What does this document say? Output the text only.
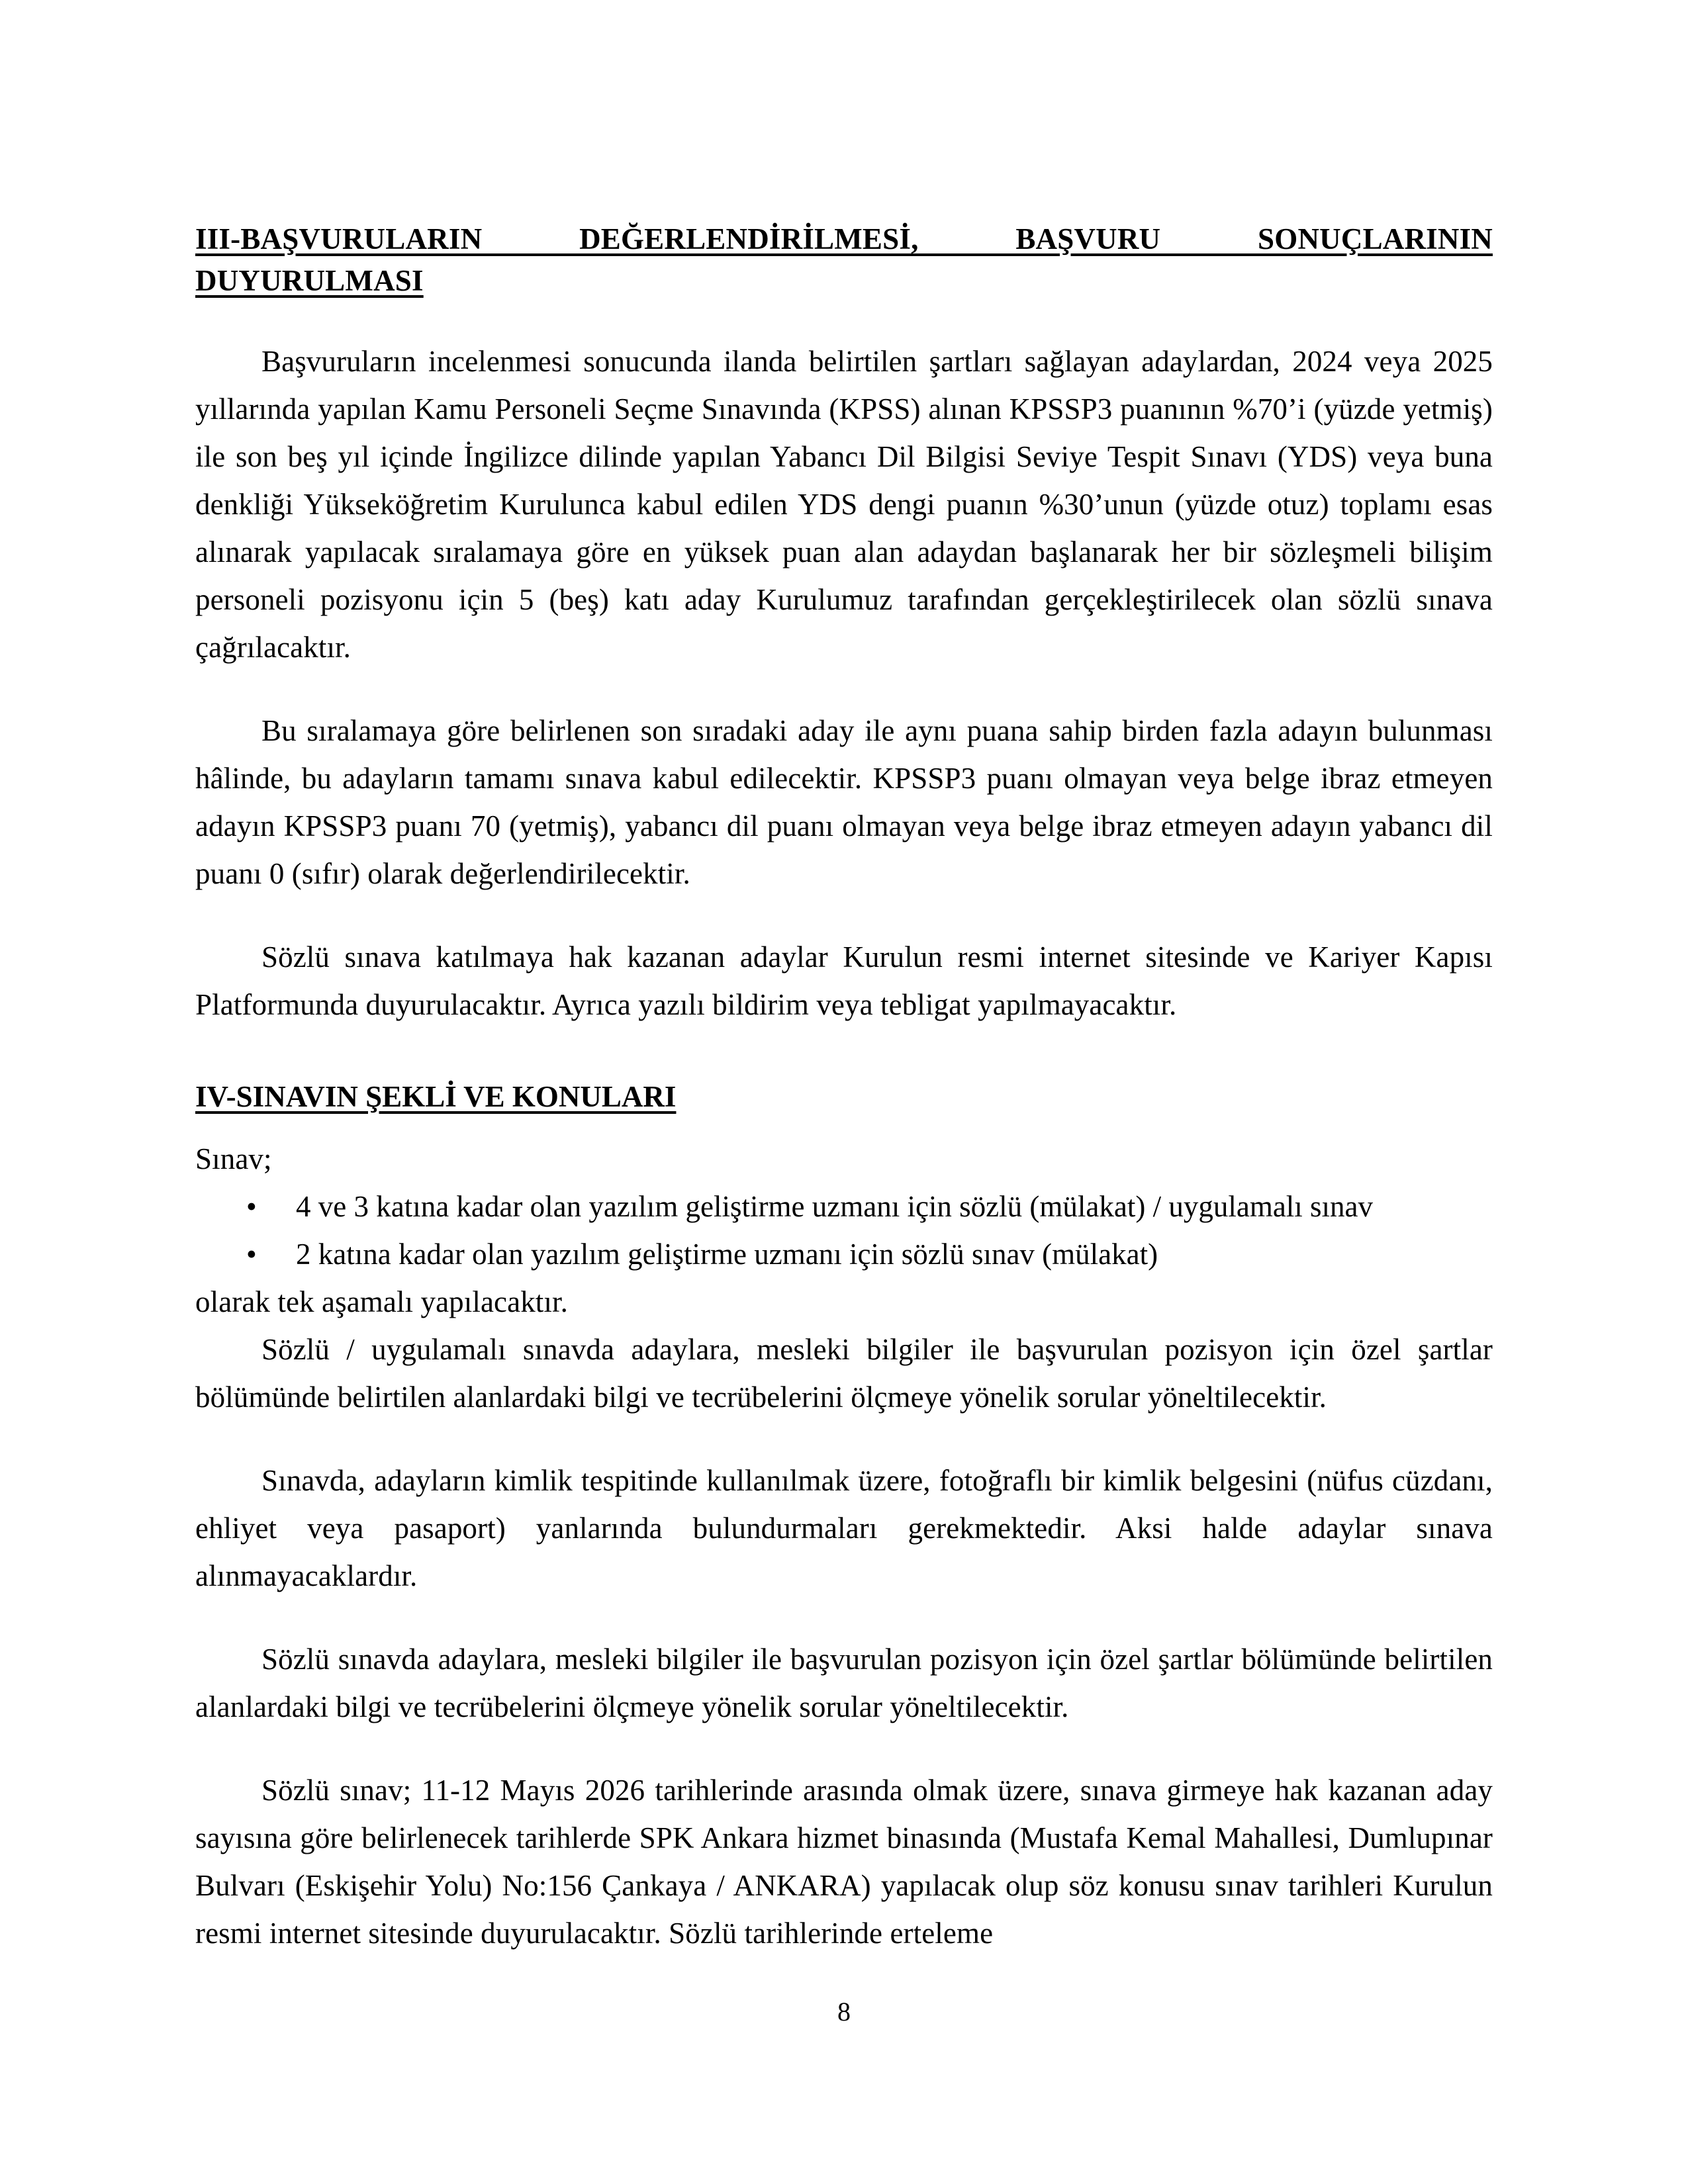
III-BAŞVURULARIN DEĞERLENDİRİLMESİ, BAŞVURU SONUÇLARININ
DUYURULMASI

Başvuruların incelenmesi sonucunda ilanda belirtilen şartları sağlayan adaylardan, 2024 veya 2025 yıllarında yapılan Kamu Personeli Seçme Sınavında (KPSS) alınan KPSSP3 puanının %70’i (yüzde yetmiş) ile son beş yıl içinde İngilizce dilinde yapılan Yabancı Dil Bilgisi Seviye Tespit Sınavı (YDS) veya buna denkliği Yükseköğretim Kurulunca kabul edilen YDS dengi puanın %30’unun (yüzde otuz) toplamı esas alınarak yapılacak sıralamaya göre en yüksek puan alan adaydan başlanarak her bir sözleşmeli bilişim personeli pozisyonu için 5 (beş) katı aday Kurulumuz tarafından gerçekleştirilecek olan sözlü sınava çağrılacaktır.

Bu sıralamaya göre belirlenen son sıradaki aday ile aynı puana sahip birden fazla adayın bulunması hâlinde, bu adayların tamamı sınava kabul edilecektir. KPSSP3 puanı olmayan veya belge ibraz etmeyen adayın KPSSP3 puanı 70 (yetmiş), yabancı dil puanı olmayan veya belge ibraz etmeyen adayın yabancı dil puanı 0 (sıfır) olarak değerlendirilecektir.

Sözlü sınava katılmaya hak kazanan adaylar Kurulun resmi internet sitesinde ve Kariyer Kapısı Platformunda duyurulacaktır. Ayrıca yazılı bildirim veya tebligat yapılmayacaktır.

IV-SINAVIN ŞEKLİ VE KONULARI

Sınav;

• 4 ve 3 katına kadar olan yazılım geliştirme uzmanı için sözlü (mülakat) / uygulamalı sınav
• 2 katına kadar olan yazılım geliştirme uzmanı için sözlü sınav (mülakat)

olarak tek aşamalı yapılacaktır.

Sözlü / uygulamalı sınavda adaylara, mesleki bilgiler ile başvurulan pozisyon için özel şartlar bölümünde belirtilen alanlardaki bilgi ve tecrübelerini ölçmeye yönelik sorular yöneltilecektir.

Sınavda, adayların kimlik tespitinde kullanılmak üzere, fotoğraflı bir kimlik belgesini (nüfus cüzdanı, ehliyet veya pasaport) yanlarında bulundurmaları gerekmektedir. Aksi halde adaylar sınava alınmayacaklardır.

Sözlü sınavda adaylara, mesleki bilgiler ile başvurulan pozisyon için özel şartlar bölümünde belirtilen alanlardaki bilgi ve tecrübelerini ölçmeye yönelik sorular yöneltilecektir.

Sözlü sınav; 11-12 Mayıs 2026 tarihlerinde arasında olmak üzere, sınava girmeye hak kazanan aday sayısına göre belirlenecek tarihlerde SPK Ankara hizmet binasında (Mustafa Kemal Mahallesi, Dumlupınar Bulvarı (Eskişehir Yolu) No:156 Çankaya / ANKARA) yapılacak olup söz konusu sınav tarihleri Kurulun resmi internet sitesinde duyurulacaktır. Sözlü tarihlerinde erteleme

8
